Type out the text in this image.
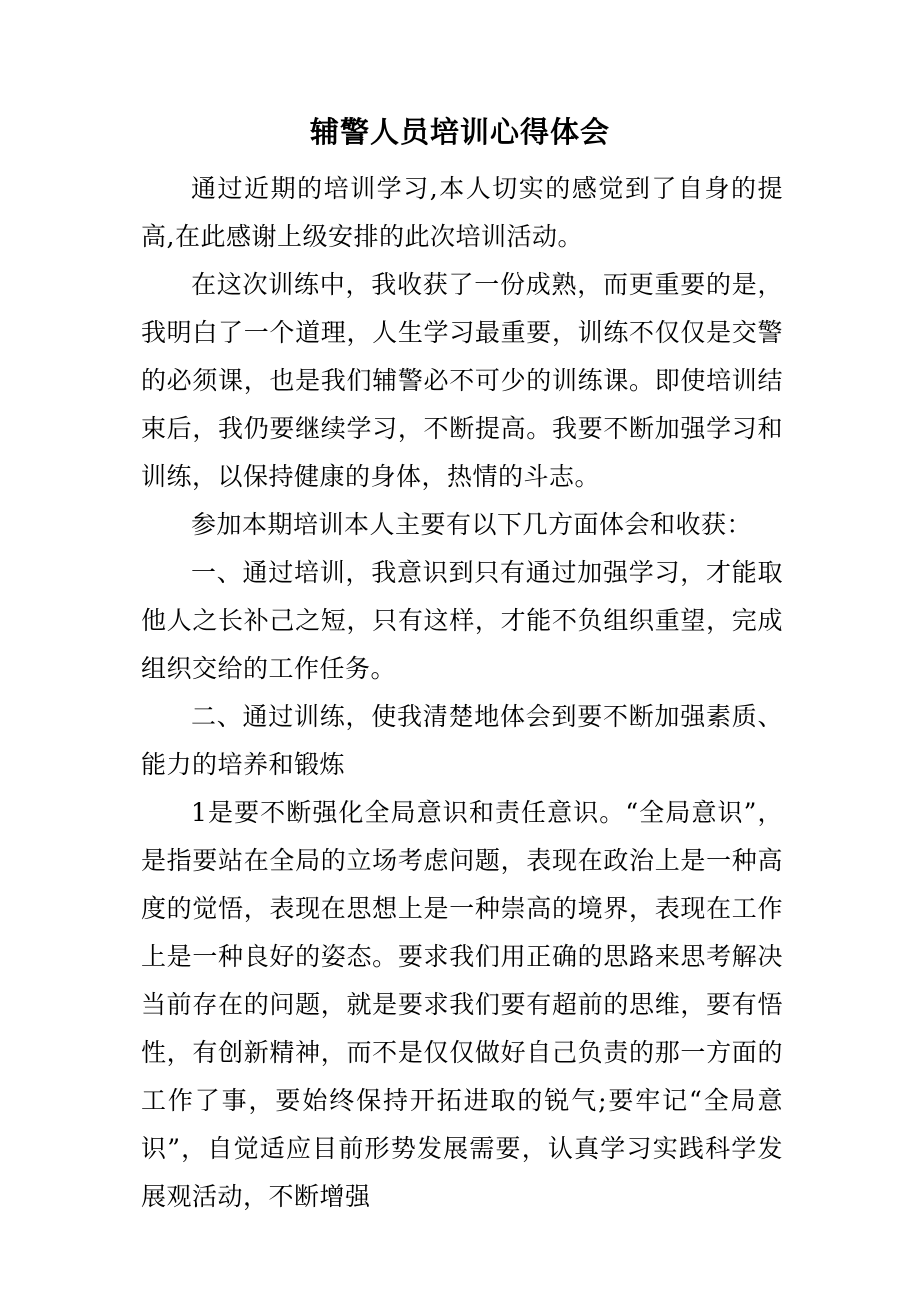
辅警人员培训心得体会

通过近期的培训学习,本人切实的感觉到了自身的提高,在此感谢上级安排的此次培训活动。

在这次训练中，我收获了一份成熟，而更重要的是，我明白了一个道理，人生学习最重要，训练不仅仅是交警的必须课，也是我们辅警必不可少的训练课。即使培训结束后，我仍要继续学习，不断提高。我要不断加强学习和训练，以保持健康的身体，热情的斗志。

参加本期培训本人主要有以下几方面体会和收获：

一、通过培训，我意识到只有通过加强学习，才能取他人之长补己之短，只有这样，才能不负组织重望，完成组织交给的工作任务。

二、通过训练，使我清楚地体会到要不断加强素质、能力的培养和锻炼

1是要不断强化全局意识和责任意识。“全局意识”，是指要站在全局的立场考虑问题，表现在政治上是一种高度的觉悟，表现在思想上是一种崇高的境界，表现在工作上是一种良好的姿态。要求我们用正确的思路来思考解决当前存在的问题，就是要求我们要有超前的思维，要有悟性，有创新精神，而不是仅仅做好自己负责的那一方面的工作了事，要始终保持开拓进取的锐气;要牢记“全局意识”，自觉适应目前形势发展需要，认真学习实践科学发展观活动，不断增强
